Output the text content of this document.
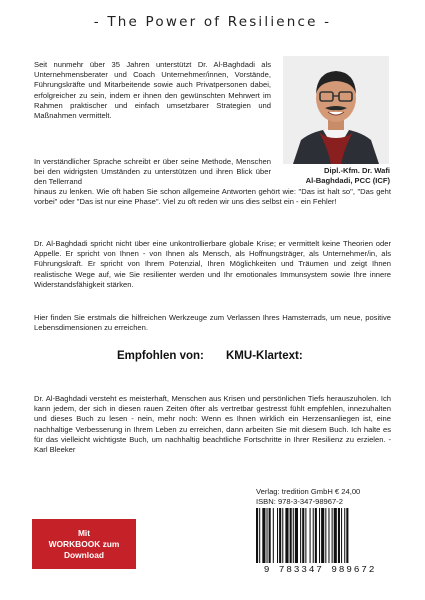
- The Power of Resilience -

Seit nunmehr über 35 Jahren unterstützt Dr. Al-Baghdadi als Unternehmensberater und Coach Unternehmer/innen, Vorstände, Führungskräfte und Mitarbeitende sowie auch Privatpersonen dabei, erfolgreicher zu sein, indem er ihnen den gewünschten Mehrwert im Rahmen praktischer und einfach umsetzbarer Strategien und Maßnahmen vermittelt.

Dipl.-Kfm. Dr. Wafi
Al-Baghdadi, PCC (ICF)

In verständlicher Sprache schreibt er über seine Methode, Menschen bei den widrigsten Umständen zu unterstützen und ihren Blick über den Tellerrand

hinaus zu lenken. Wie oft haben Sie schon allgemeine Antworten gehört wie: "Das ist halt so", "Das geht vorbei" oder "Das ist nur eine Phase". Viel zu oft reden wir uns dies selbst ein - ein Fehler!

Dr. Al-Baghdadi spricht nicht über eine unkontrollierbare globale Krise; er vermittelt keine Theorien oder Appelle. Er spricht von Ihnen - von Ihnen als Mensch, als Hoffnungsträger, als Unternehmer/in, als Führungskraft. Er spricht von Ihrem Potenzial, Ihren Möglichkeiten und Träumen und zeigt Ihnen realistische Wege auf, wie Sie resilienter werden und Ihr emotionales Immunsystem sowie Ihre innere Widerstandsfähigkeit stärken.

Hier finden Sie erstmals die hilfreichen Werkzeuge zum Verlassen Ihres Hamsterrads, um neue, positive Lebensdimensionen zu erreichen.

Empfohlen von: KMU-Klartext:

Dr. Al-Baghdadi versteht es meisterhaft, Menschen aus Krisen und persönlichen Tiefs herauszuholen. Ich kann jedem, der sich in diesen rauen Zeiten öfter als vertretbar gestresst fühlt empfehlen, innezuhalten und dieses Buch zu lesen - nein, mehr noch: Wenn es Ihnen wirklich ein Herzensanliegen ist, eine nachhaltige Verbesserung in Ihrem Leben zu erreichen, dann arbeiten Sie mit diesem Buch. Ich halte es für das vielleicht wichtigste Buch, um nachhaltig beachtliche Fortschritte in Ihrer Resilienz zu erzielen. - Karl Bleeker

Verlag: tredition GmbH € 24,00
ISBN: 978-3-347-98967-2
9 783347 989672
Mit
WORKBOOK zum
Download
